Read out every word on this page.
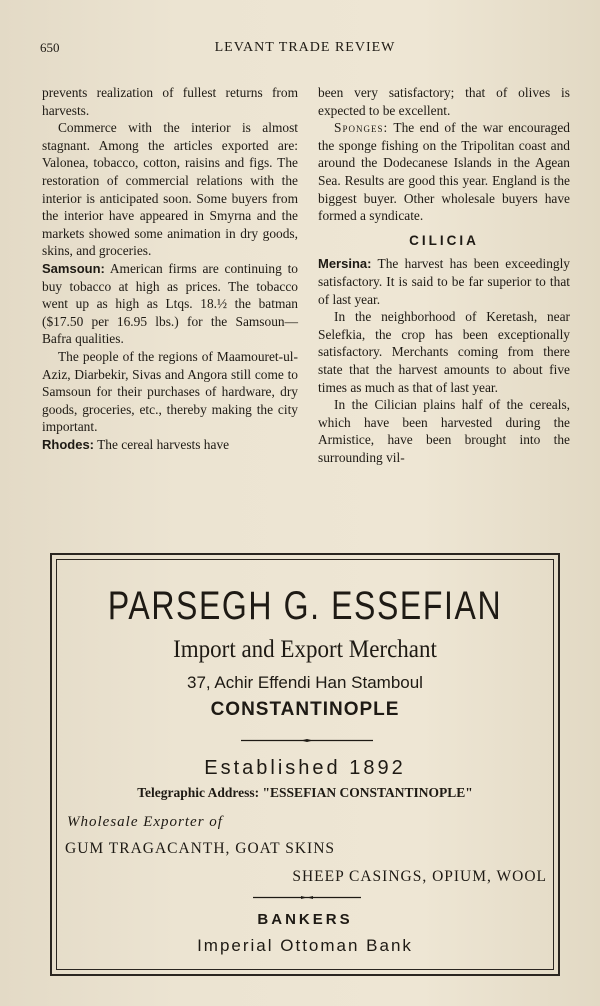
650	LEVANT TRADE REVIEW

prevents realization of fullest returns from harvests.

Commerce with the interior is almost stagnant. Among the articles exported are: Valonea, tobacco, cotton, raisins and figs. The restoration of commercial relations with the interior is anticipated soon. Some buyers from the interior have appeared in Smyrna and the markets showed some animation in dry goods, skins, and groceries.

Samsoun: American firms are continuing to buy tobacco at high as prices. The tobacco went up as high as Ltqs. 18.½ the batman ($17.50 per 16.95 lbs.) for the Samsoun—Bafra qualities.

The people of the regions of Maamouret-ul-Aziz, Diarbekir, Sivas and Angora still come to Samsoun for their purchases of hardware, dry goods, groceries, etc., thereby making the city important.

Rhodes: The cereal harvests have

been very satisfactory; that of olives is expected to be excellent.

Sponges: The end of the war encouraged the sponge fishing on the Tripolitan coast and around the Dodecanese Islands in the Agean Sea. Results are good this year. England is the biggest buyer. Other wholesale buyers have formed a syndicate.

CILICIA

Mersina: The harvest has been exceedingly satisfactory. It is said to be far superior to that of last year.

In the neighborhood of Keretash, near Selefkia, the crop has been exceptionally satisfactory. Merchants coming from there state that the harvest amounts to about five times as much as that of last year.

In the Cilician plains half of the cereals, which have been harvested during the Armistice, have been brought into the surrounding vil-

PARSEGH G. ESSEFIAN
Import and Export Merchant
37, Achir Effendi Han Stamboul
CONSTANTINOPLE
Established 1892
Telegraphic Address: "ESSEFIAN CONSTANTINOPLE"
Wholesale Exporter of
GUM TRAGACANTH, GOAT SKINS
SHEEP CASINGS, OPIUM, WOOL
BANKERS
Imperial Ottoman Bank
